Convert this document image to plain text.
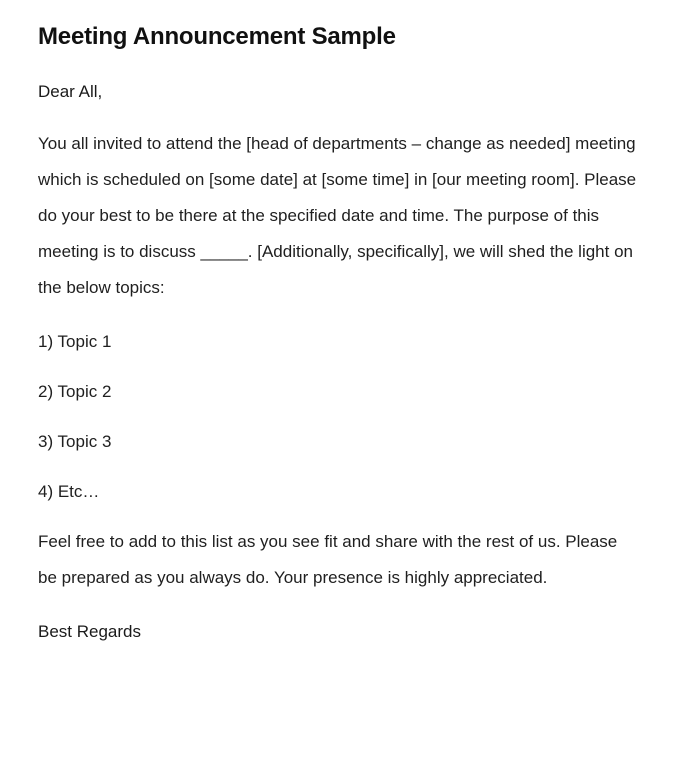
Meeting Announcement Sample

Dear All,

You all invited to attend the [head of departments – change as needed] meeting which is scheduled on [some date] at [some time] in [our meeting room]. Please do your best to be there at the specified date and time. The purpose of this meeting is to discuss _____. [Additionally, specifically], we will shed the light on the below topics:

1) Topic 1

2) Topic 2

3) Topic 3

4) Etc…

Feel free to add to this list as you see fit and share with the rest of us. Please be prepared as you always do. Your presence is highly appreciated.

Best Regards
